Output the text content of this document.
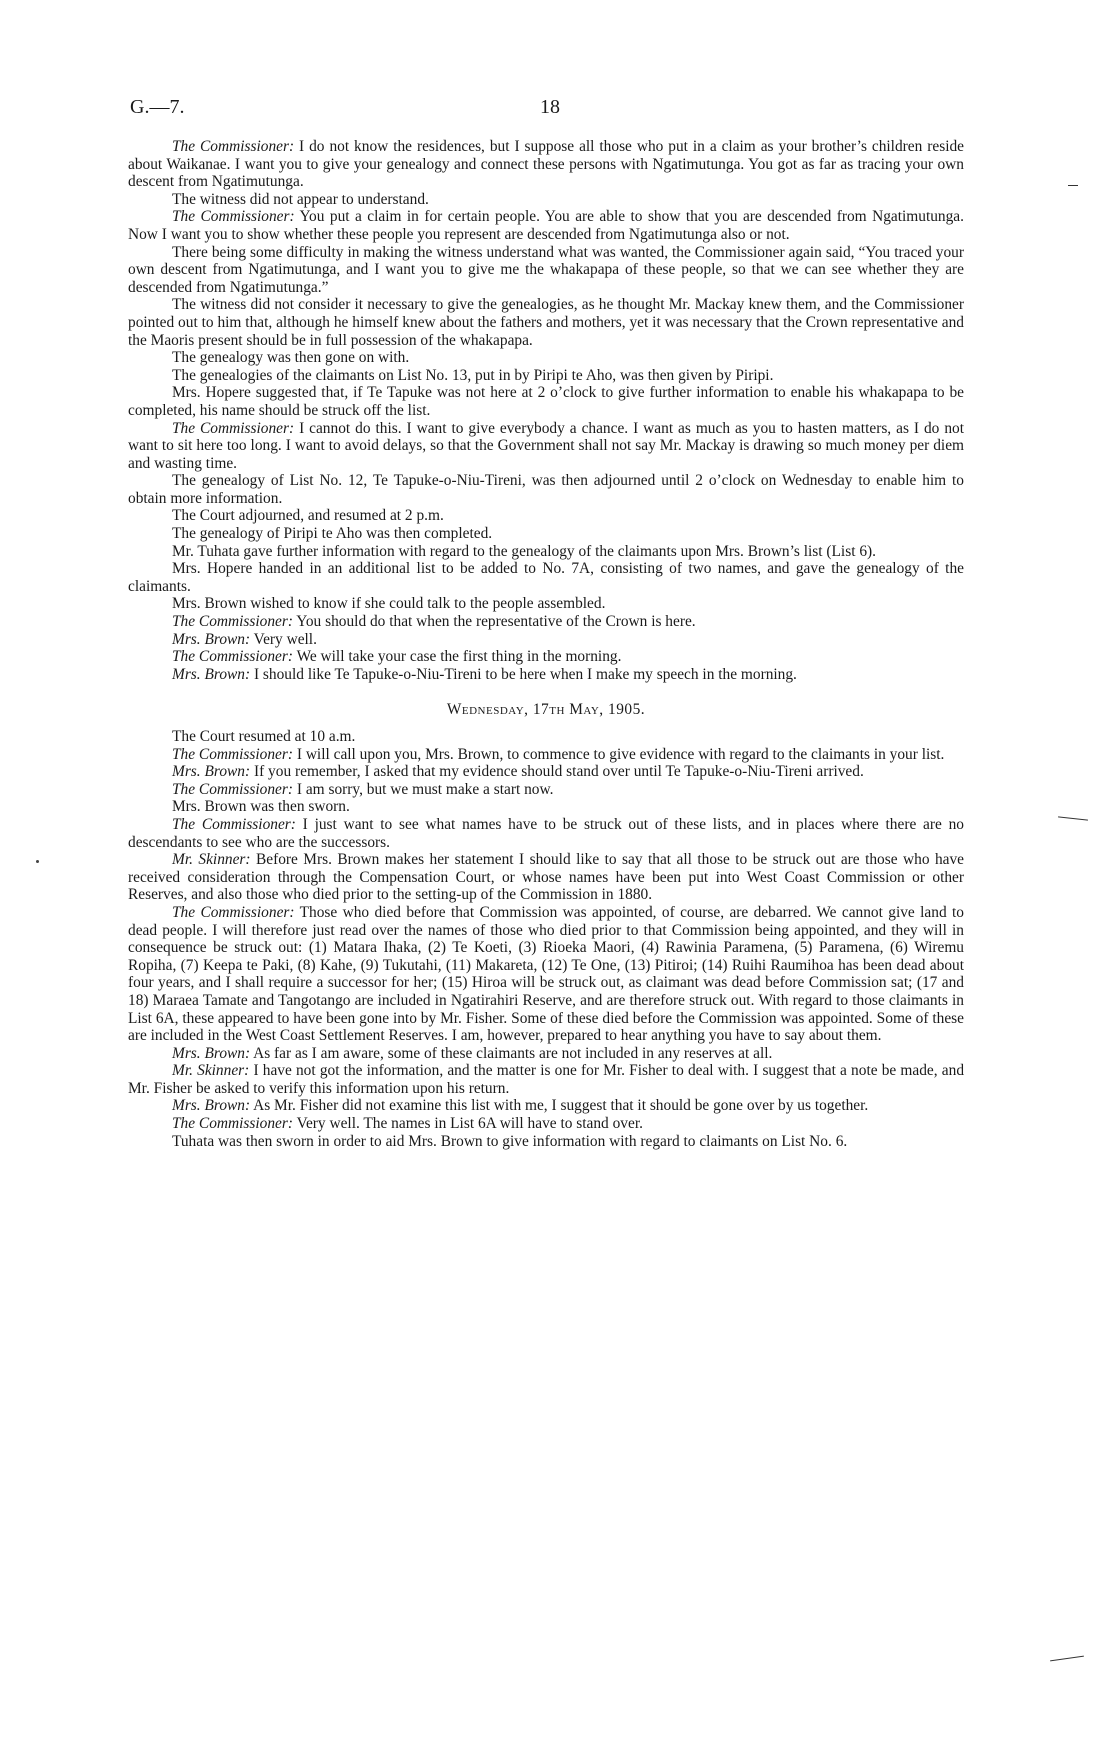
G.—7.	18

The Commissioner: I do not know the residences, but I suppose all those who put in a claim as your brother’s children reside about Waikanae. I want you to give your genealogy and connect these persons with Ngatimutunga. You got as far as tracing your own descent from Ngatimutunga.

The witness did not appear to understand.

The Commissioner: You put a claim in for certain people. You are able to show that you are descended from Ngatimutunga. Now I want you to show whether these people you represent are descended from Ngatimutunga also or not.

There being some difficulty in making the witness understand what was wanted, the Commissioner again said, “You traced your own descent from Ngatimutunga, and I want you to give me the whakapapa of these people, so that we can see whether they are descended from Ngatimutunga.”

The witness did not consider it necessary to give the genealogies, as he thought Mr. Mackay knew them, and the Commissioner pointed out to him that, although he himself knew about the fathers and mothers, yet it was necessary that the Crown representative and the Maoris present should be in full possession of the whakapapa.

The genealogy was then gone on with.

The genealogies of the claimants on List No. 13, put in by Piripi te Aho, was then given by Piripi.

Mrs. Hopere suggested that, if Te Tapuke was not here at 2 o’clock to give further information to enable his whakapapa to be completed, his name should be struck off the list.

The Commissioner: I cannot do this. I want to give everybody a chance. I want as much as you to hasten matters, as I do not want to sit here too long. I want to avoid delays, so that the Government shall not say Mr. Mackay is drawing so much money per diem and wasting time.

The genealogy of List No. 12, Te Tapuke-o-Niu-Tireni, was then adjourned until 2 o’clock on Wednesday to enable him to obtain more information.

The Court adjourned, and resumed at 2 p.m.

The genealogy of Piripi te Aho was then completed.

Mr. Tuhata gave further information with regard to the genealogy of the claimants upon Mrs. Brown’s list (List 6).

Mrs. Hopere handed in an additional list to be added to No. 7A, consisting of two names, and gave the genealogy of the claimants.

Mrs. Brown wished to know if she could talk to the people assembled.

The Commissioner: You should do that when the representative of the Crown is here.

Mrs. Brown: Very well.

The Commissioner: We will take your case the first thing in the morning.

Mrs. Brown: I should like Te Tapuke-o-Niu-Tireni to be here when I make my speech in the morning.

Wednesday, 17th May, 1905.

The Court resumed at 10 a.m.

The Commissioner: I will call upon you, Mrs. Brown, to commence to give evidence with regard to the claimants in your list.

Mrs. Brown: If you remember, I asked that my evidence should stand over until Te Tapuke-o-Niu-Tireni arrived.

The Commissioner: I am sorry, but we must make a start now.

Mrs. Brown was then sworn.

The Commissioner: I just want to see what names have to be struck out of these lists, and in places where there are no descendants to see who are the successors.

Mr. Skinner: Before Mrs. Brown makes her statement I should like to say that all those to be struck out are those who have received consideration through the Compensation Court, or whose names have been put into West Coast Commission or other Reserves, and also those who died prior to the setting-up of the Commission in 1880.

The Commissioner: Those who died before that Commission was appointed, of course, are debarred. We cannot give land to dead people. I will therefore just read over the names of those who died prior to that Commission being appointed, and they will in consequence be struck out: (1) Matara Ihaka, (2) Te Koeti, (3) Rioeka Maori, (4) Rawinia Paramena, (5) Paramena, (6) Wiremu Ropiha, (7) Keepa te Paki, (8) Kahe, (9) Tukutahi, (11) Makareta, (12) Te One, (13) Pitiroi; (14) Ruihi Raumihoa has been dead about four years, and I shall require a successor for her; (15) Hiroa will be struck out, as claimant was dead before Commission sat; (17 and 18) Maraea Tamate and Tangotango are included in Ngatirahiri Reserve, and are therefore struck out. With regard to those claimants in List 6A, these appeared to have been gone into by Mr. Fisher. Some of these died before the Commission was appointed. Some of these are included in the West Coast Settlement Reserves. I am, however, prepared to hear anything you have to say about them.

Mrs. Brown: As far as I am aware, some of these claimants are not included in any reserves at all.

Mr. Skinner: I have not got the information, and the matter is one for Mr. Fisher to deal with. I suggest that a note be made, and Mr. Fisher be asked to verify this information upon his return.

Mrs. Brown: As Mr. Fisher did not examine this list with me, I suggest that it should be gone over by us together.

The Commissioner: Very well. The names in List 6A will have to stand over.

Tuhata was then sworn in order to aid Mrs. Brown to give information with regard to claimants on List No. 6.
